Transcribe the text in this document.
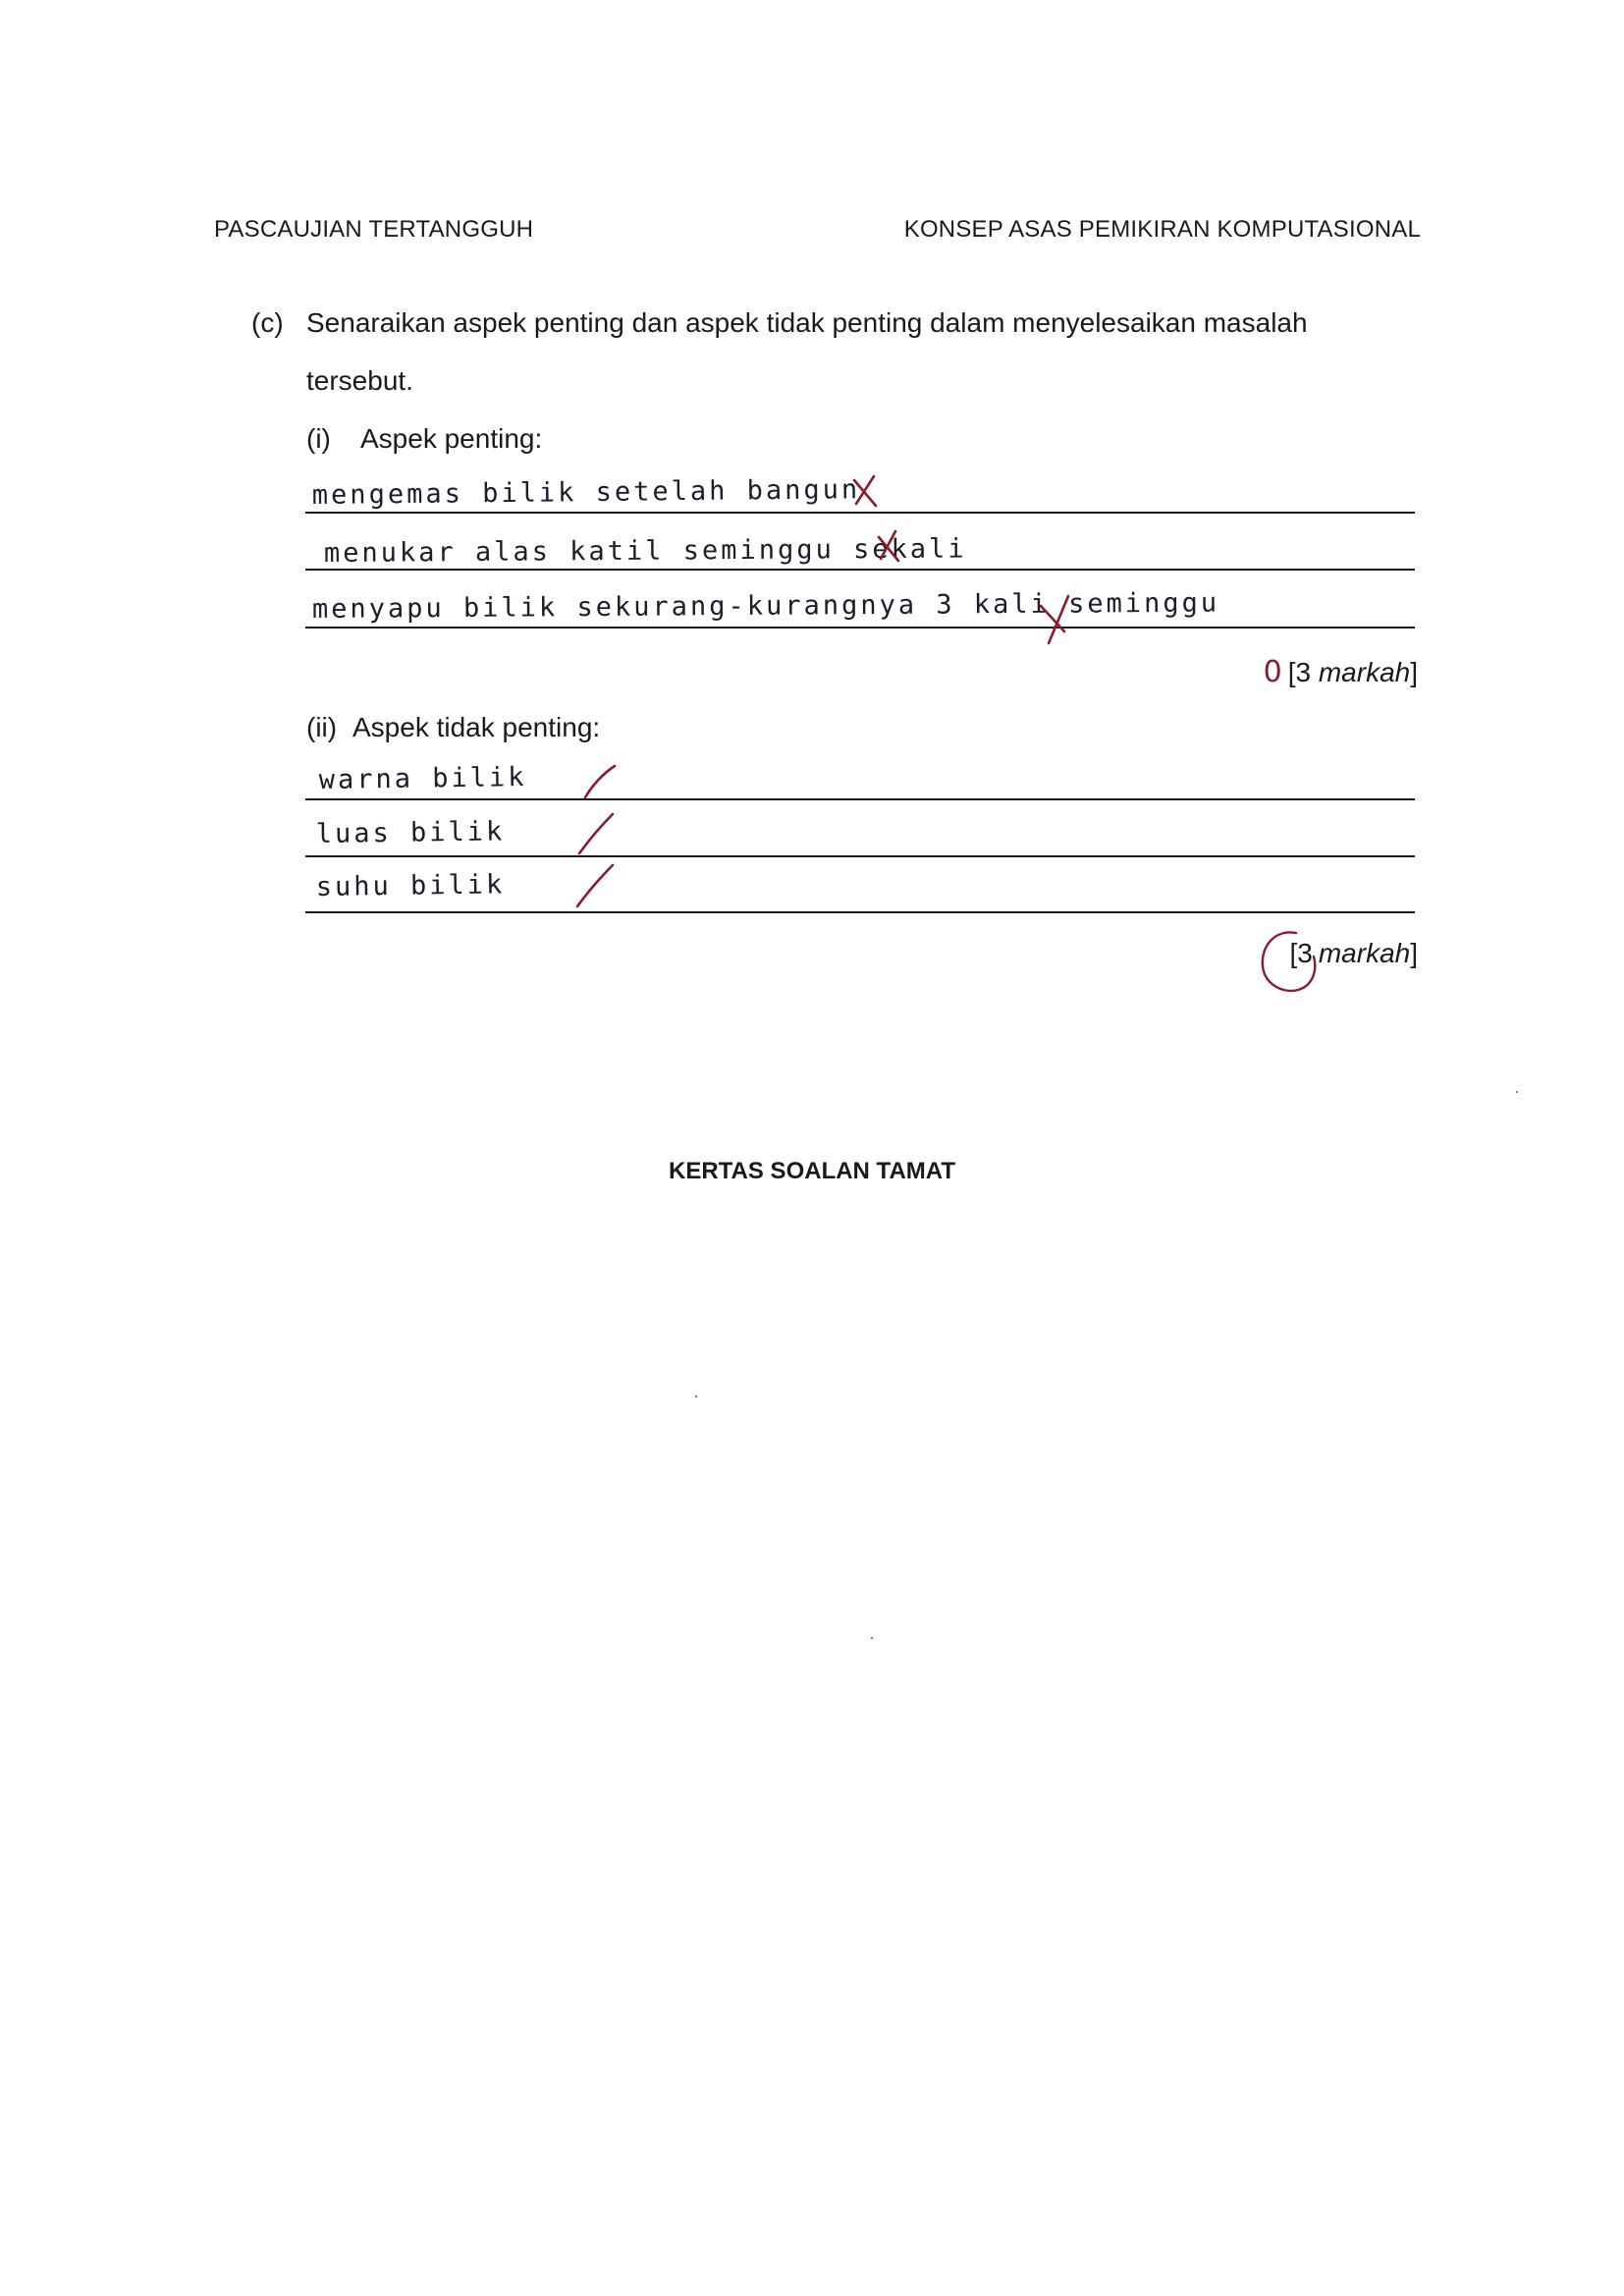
PASCAUJIAN TERTANGGUH	KONSEP ASAS PEMIKIRAN KOMPUTASIONAL
(c) Senaraikan aspek penting dan aspek tidak penting dalam menyelesaikan masalah
tersebut.
(i) Aspek penting:
mengemas bilik setelah bangun
menukar alas katil seminggu sekali
menyapu bilik sekurang-kurangnya 3 kali seminggu
0 [3 markah]
(ii) Aspek tidak penting:
warna bilik
luas bilik
suhu bilik
[3 markah]
KERTAS SOALAN TAMAT
